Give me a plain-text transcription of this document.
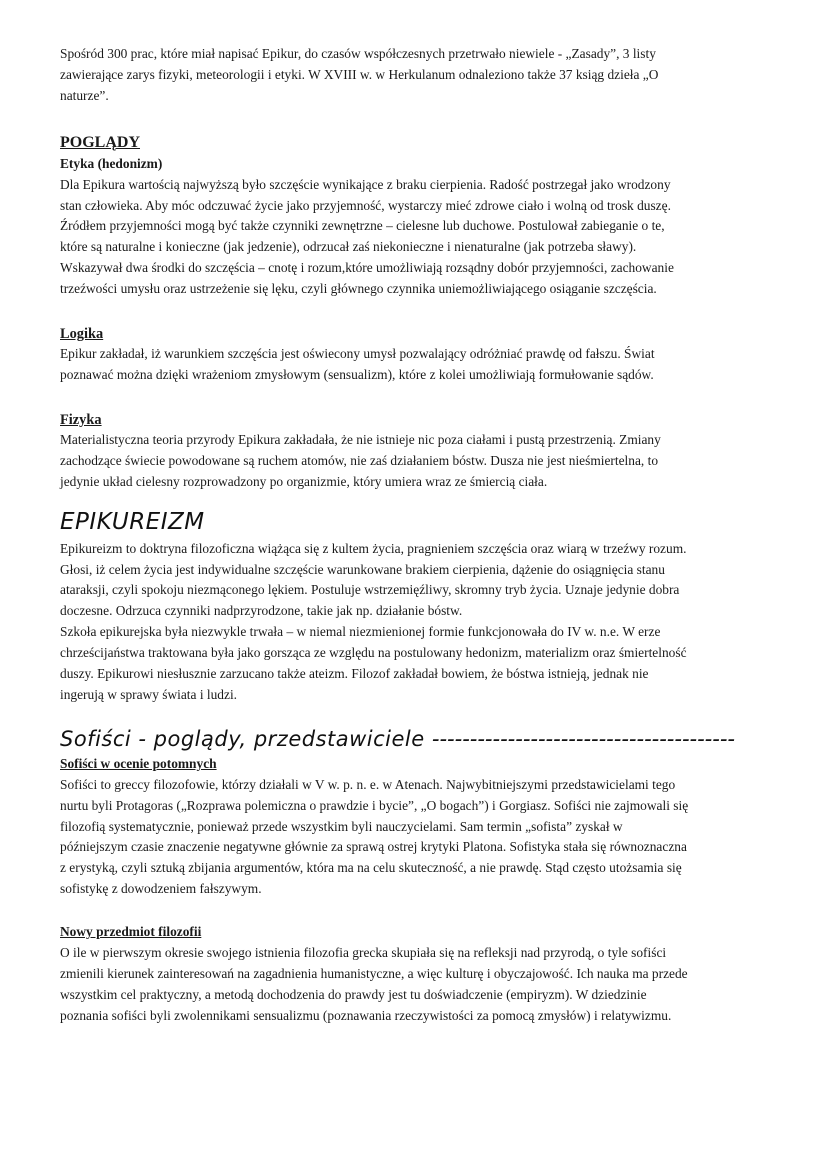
Spośród 300 prac, które miał napisać Epikur, do czasów współczesnych przetrwało niewiele - „Zasady”, 3 listy

zawierające zarys fizyki, meteorologii i etyki. W XVIII w. w Herkulanum odnaleziono także 37 ksiąg dzieła „O

naturze”.

POGLĄDY
Etyka (hedonizm)

Dla Epikura wartością najwyższą było szczęście wynikające z braku cierpienia. Radość postrzegał jako wrodzony

stan człowieka. Aby móc odczuwać życie jako przyjemność, wystarczy mieć zdrowe ciało i wolną od trosk duszę.

Źródłem przyjemności mogą być także czynniki zewnętrzne – cielesne lub duchowe. Postulował zabieganie o te,

które są naturalne i konieczne (jak jedzenie), odrzucał zaś niekonieczne i nienaturalne (jak potrzeba sławy).

Wskazywał dwa środki do szczęścia – cnotę i rozum,które umożliwiają rozsądny dobór przyjemności, zachowanie

trzeźwości umysłu oraz ustrzeżenie się lęku, czyli głównego czynnika uniemożliwiającego osiąganie szczęścia.

Logika

Epikur zakładał, iż warunkiem szczęścia jest oświecony umysł pozwalający odróżniać prawdę od fałszu. Świat

poznawać można dzięki wrażeniom zmysłowym (sensualizm), które z kolei umożliwiają formułowanie sądów.

Fizyka

Materialistyczna teoria przyrody Epikura zakładała, że nie istnieje nic poza ciałami i pustą przestrzenią. Zmiany

zachodzące świecie powodowane są ruchem atomów, nie zaś działaniem bóstw. Dusza nie jest nieśmiertelna, to

jedynie układ cielesny rozprowadzony po organizmie, który umiera wraz ze śmiercią ciała.

EPIKUREIZM

Epikureizm to doktryna filozoficzna wiążąca się z kultem życia, pragnieniem szczęścia oraz wiarą w trzeźwy rozum.

Głosi, iż celem życia jest indywidualne szczęście warunkowane brakiem cierpienia, dążenie do osiągnięcia stanu

ataraksji, czyli spokoju niezmąconego lękiem. Postuluje wstrzemięźliwy, skromny tryb życia. Uznaje jedynie dobra

doczesne. Odrzuca czynniki nadprzyrodzone, takie jak np. działanie bóstw.

Szkoła epikurejska była niezwykle trwała – w niemal niezmienionej formie funkcjonowała do IV w. n.e. W erze

chrześcijaństwa traktowana była jako gorsząca ze względu na postulowany hedonizm, materializm oraz śmiertelność

duszy. Epikurowi niesłusznie zarzucano także ateizm. Filozof zakładał bowiem, że bóstwa istnieją, jednak nie

ingerują w sprawy świata i ludzi.

Sofiści - poglądy, przedstawiciele ----------------------------------------
Sofiści w ocenie potomnych

Sofiści to greccy filozofowie, którzy działali w V w. p. n. e. w Atenach. Najwybitniejszymi przedstawicielami tego

nurtu byli Protagoras („Rozprawa polemiczna o prawdzie i bycie”, „O bogach”) i Gorgiasz. Sofiści nie zajmowali się

filozofią systematycznie, ponieważ przede wszystkim byli nauczycielami. Sam termin „sofista” zyskał w

późniejszym czasie znaczenie negatywne głównie za sprawą ostrej krytyki Platona. Sofistyka stała się równoznaczna

z erystyką, czyli sztuką zbijania argumentów, która ma na celu skuteczność, a nie prawdę. Stąd często utożsamia się

sofistykę z dowodzeniem fałszywym.

Nowy przedmiot filozofii

O ile w pierwszym okresie swojego istnienia filozofia grecka skupiała się na refleksji nad przyrodą, o tyle sofiści

zmienili kierunek zainteresowań na zagadnienia humanistyczne, a więc kulturę i obyczajowość. Ich nauka ma przede

wszystkim cel praktyczny, a metodą dochodzenia do prawdy jest tu doświadczenie (empiryzm). W dziedzinie

poznania sofiści byli zwolennikami sensualizmu (poznawania rzeczywistości za pomocą zmysłów) i relatywizmu.
